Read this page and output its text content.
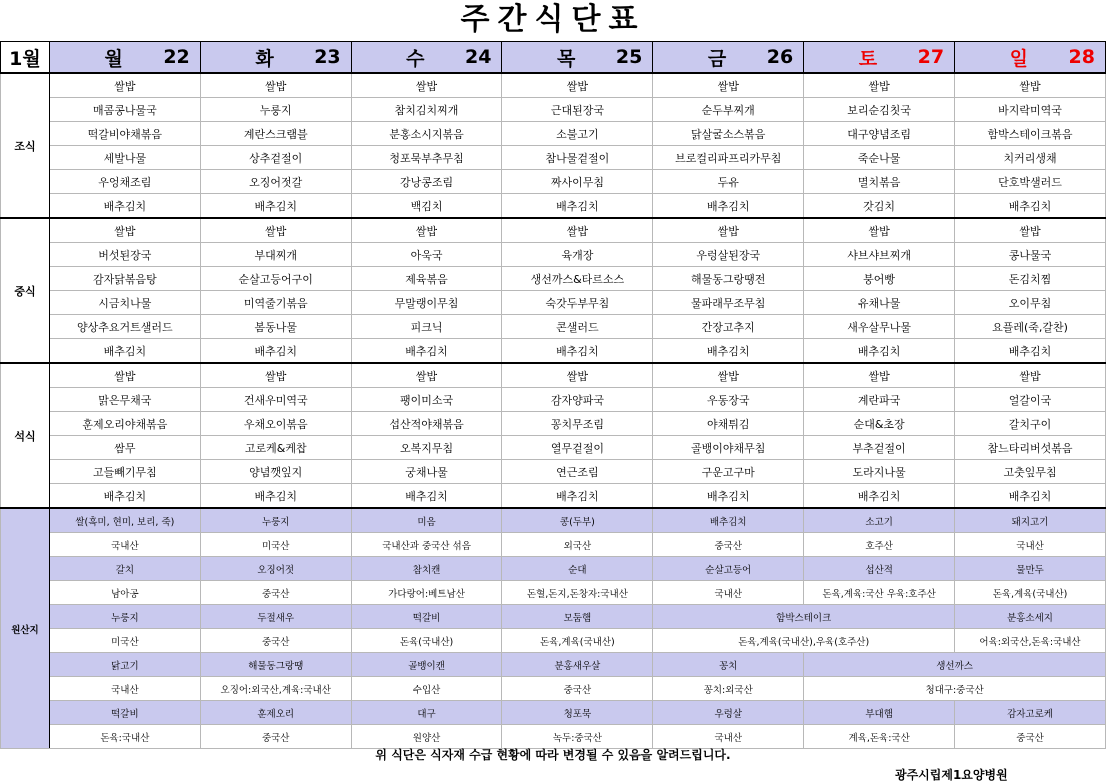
주간식단표
1월	월 22	화 23	수 24	목 25	금 26	토 27	일 28

조식	쌀밥	쌀밥	쌀밥	쌀밥	쌀밥	쌀밥	쌀밥
	매콤콩나물국	누룽지	참치김치찌개	근대된장국	순두부찌개	보리순김칫국	바지락미역국
	떡갈비야채볶음	계란스크램블	분홍소시지볶음	소불고기	닭살굴소스볶음	대구양념조림	함박스테이크볶음
	세발나물	상추겉절이	청포묵부추무침	참나물겉절이	브로컬리파프리카무침	죽순나물	치커리생채
	우엉채조림	오징어젓갈	강낭콩조림	짜사이무침	두유	멸치볶음	단호박샐러드
	배추김치	배추김치	백김치	배추김치	배추김치	갓김치	배추김치
중식	쌀밥	쌀밥	쌀밥	쌀밥	쌀밥	쌀밥	쌀밥
	버섯된장국	부대찌개	아욱국	육개장	우렁살된장국	샤브샤브찌개	콩나물국
	감자닭볶음탕	순살고등어구이	제육볶음	생선까스&타르소스	해물동그랑땡전	붕어빵	돈김치찜
	시금치나물	미역줄기볶음	무말랭이무침	숙갓두부무침	물파래무조무침	유채나물	오이무침
	양상추요거트샐러드	봄동나물	피크닉	콘샐러드	간장고추지	새우살무나물	요플레(죽,갈찬)
	배추김치	배추김치	배추김치	배추김치	배추김치	배추김치	배추김치
석식	쌀밥	쌀밥	쌀밥	쌀밥	쌀밥	쌀밥	쌀밥
	맑은무채국	건새우미역국	팽이미소국	감자양파국	우동장국	계란파국	얼갈이국
	훈제오리야채볶음	우채오이볶음	섭산적야채볶음	꽁치무조림	야채튀김	순대&초장	갈치구이
	쌈무	고로케&케찹	오복지무침	열무겉절이	골뱅이야채무침	부추겉절이	참느타리버섯볶음
	고들빼기무침	양념깻잎지	궁채나물	연근조림	구운고구마	도라지나물	고춧잎무침
	배추김치	배추김치	배추김치	배추김치	배추김치	배추김치	배추김치
원산지	쌀(흑미, 현미, 보리, 죽)	누룽지	미음	콩(두부)	배추김치	소고기	돼지고기
	국내산	미국산	국내산과 중국산 섞음	외국산	중국산	호주산	국내산
	갈치	오징어젓	참치캔	순대	순살고등어	섭산적	물만두
	남아공	중국산	가다랑어:베트남산	돈혈,돈지,돈창자:국내산	국내산	돈육,계육:국산 우육:호주산	돈육,계육(국내산)
	누룽지	두절새우	떡갈비	모둠햄	함박스테이크		분홍소세지
	미국산	중국산	돈육(국내산)	돈육,계육(국내산)	돈육,계육(국내산),우육(호주산)		어육:외국산,돈육:국내산
	닭고기	해물동그랑땡	골뱅이캔	분홍새우살	꽁치	생선까스	
	국내산	오징어:외국산,계육:국내산	수입산	중국산	꽁치:외국산	청대구:중국산	
	떡갈비	훈제오리	대구	청포묵	우렁살	부대햄	감자고로케
	돈육:국내산	중국산	원양산	녹두:중국산	국내산	계육,돈육:국산	중국산
위 식단은 식자재 수급 현황에 따라 변경될 수 있음을 알려드립니다.
광주시립제1요양병원
